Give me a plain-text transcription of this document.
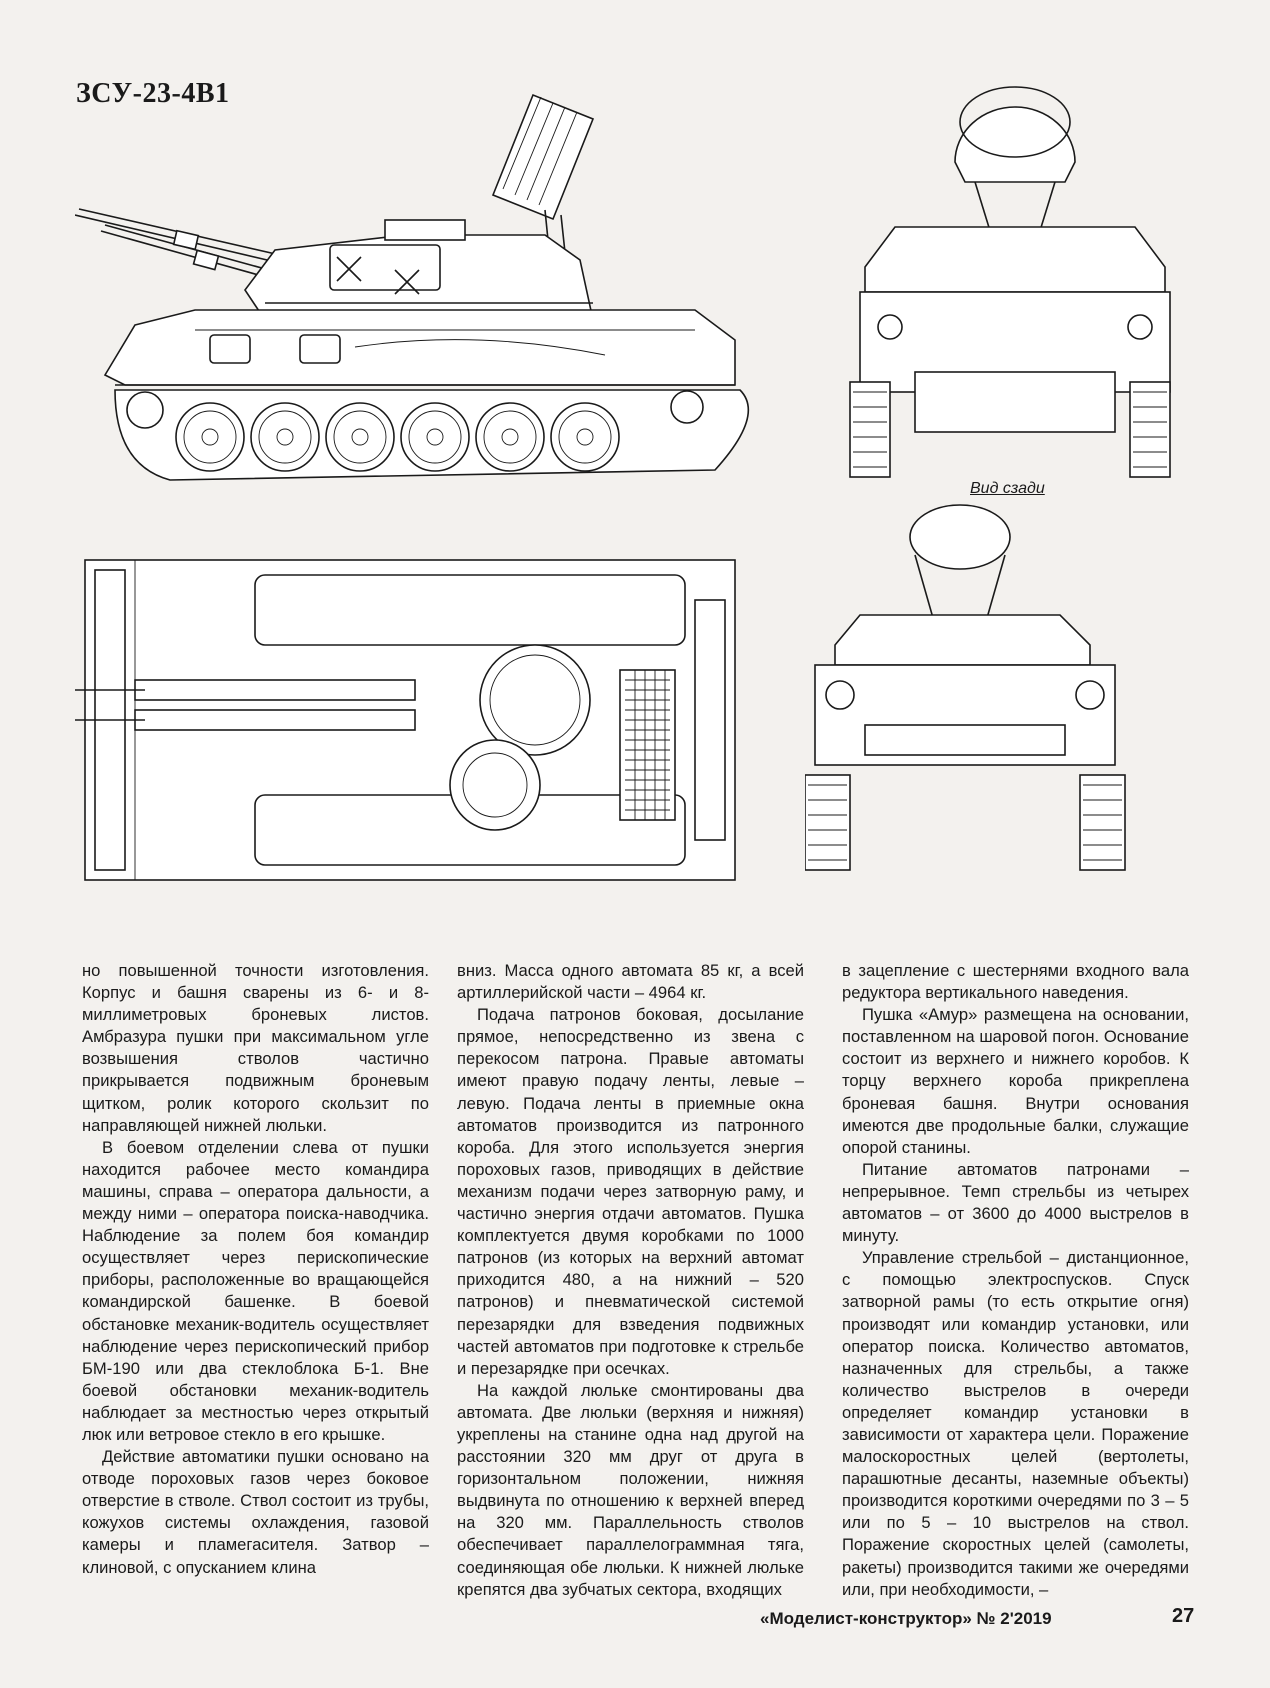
ЗСУ-23-4В1
Вид сзади

но повышенной точности изготовления. Корпус и башня сварены из 6- и 8-миллиметровых броневых листов. Амбразура пушки при максимальном угле возвышения стволов частично прикрывается подвижным броневым щитком, ролик которого скользит по направляющей нижней люльки.

В боевом отделении слева от пушки находится рабочее место командира машины, справа – оператора дальности, а между ними – оператора поиска-наводчика. Наблюдение за полем боя командир осуществляет через перископические приборы, расположенные во вращающейся командирской башенке. В боевой обстановке механик-водитель осуществляет наблюдение через перископический прибор БМ-190 или два стеклоблока Б-1. Вне боевой обстановки механик-водитель наблюдает за местностью через открытый люк или ветровое стекло в его крышке.

Действие автоматики пушки основано на отводе пороховых газов через боковое отверстие в стволе. Ствол состоит из трубы, кожухов системы охлаждения, газовой камеры и пламегасителя. Затвор – клиновой, с опусканием клина

вниз. Масса одного автомата 85 кг, а всей артиллерийской части – 4964 кг.

Подача патронов боковая, досылание прямое, непосредственно из звена с перекосом патрона. Правые автоматы имеют правую подачу ленты, левые – левую. Подача ленты в приемные окна автоматов производится из патронного короба. Для этого используется энергия пороховых газов, приводящих в действие механизм подачи через затворную раму, и частично энергия отдачи автоматов. Пушка комплектуется двумя коробками по 1000 патронов (из которых на верхний автомат приходится 480, а на нижний – 520 патронов) и пневматической системой перезарядки для взведения подвижных частей автоматов при подготовке к стрельбе и перезарядке при осечках.

На каждой люльке смонтированы два автомата. Две люльки (верхняя и нижняя) укреплены на станине одна над другой на расстоянии 320 мм друг от друга в горизонтальном положении, нижняя выдвинута по отношению к верхней вперед на 320 мм. Параллельность стволов обеспечивает параллелограммная тяга, соединяющая обе люльки. К нижней люльке крепятся два зубчатых сектора, входящих

в зацепление с шестернями входного вала редуктора вертикального наведения.

Пушка «Амур» размещена на основании, поставленном на шаровой погон. Основание состоит из верхнего и нижнего коробов. К торцу верхнего короба прикреплена броневая башня. Внутри основания имеются две продольные балки, служащие опорой станины.

Питание автоматов патронами – непрерывное. Темп стрельбы из четырех автоматов – от 3600 до 4000 выстрелов в минуту.

Управление стрельбой – дистанционное, с помощью электроспусков. Спуск затворной рамы (то есть открытие огня) производят или командир установки, или оператор поиска. Количество автоматов, назначенных для стрельбы, а также количество выстрелов в очереди определяет командир установки в зависимости от характера цели. Поражение малоскоростных целей (вертолеты, парашютные десанты, наземные объекты) производится короткими очередями по 3 – 5 или по 5 – 10 выстрелов на ствол. Поражение скоростных целей (самолеты, ракеты) производится такими же очередями или, при необходимости, –

«Моделист-конструктор» № 2'2019	27
